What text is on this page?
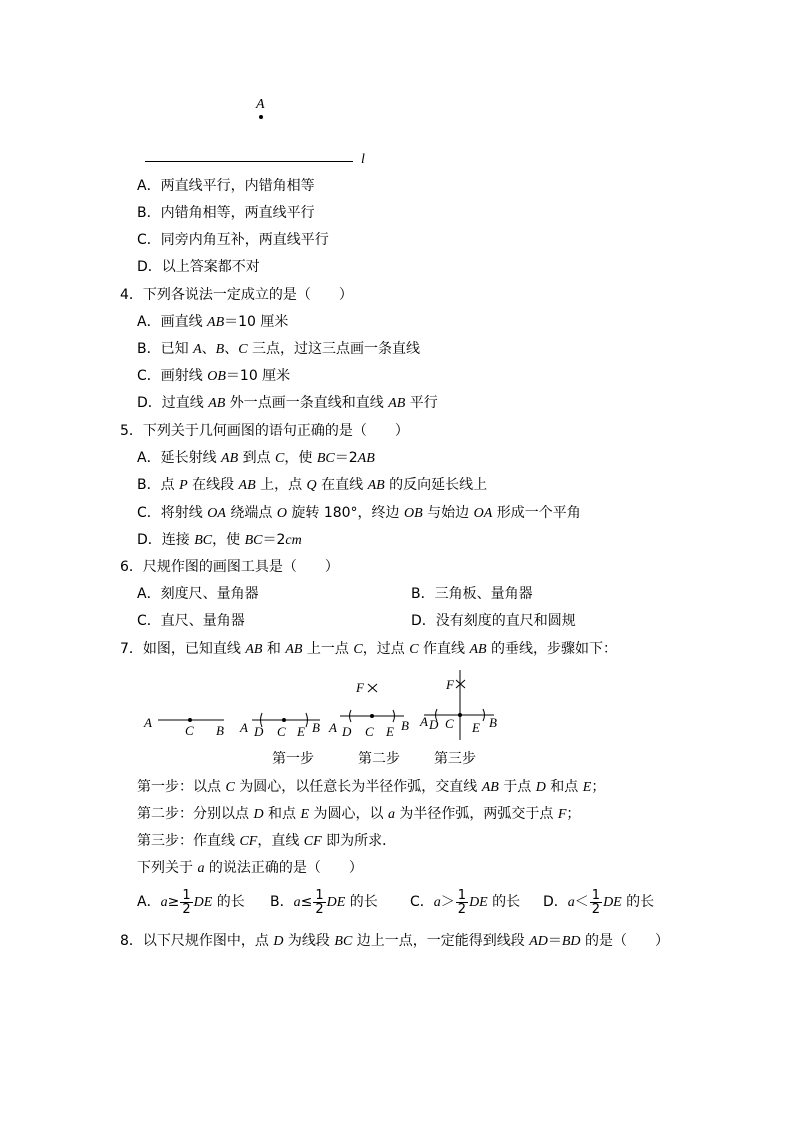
A
l
A．两直线平行，内错角相等
B．内错角相等，两直线平行
C．同旁内角互补，两直线平行
D．以上答案都不对
4．下列各说法一定成立的是（　　）
A．画直线 AB＝10 厘米
B．已知 A、B、C 三点，过这三点画一条直线
C．画射线 OB＝10 厘米
D．过直线 AB 外一点画一条直线和直线 AB 平行
5．下列关于几何画图的语句正确的是（　　）
A．延长射线 AB 到点 C，使 BC＝2AB
B．点 P 在线段 AB 上，点 Q 在直线 AB 的反向延长线上
C．将射线 OA 绕端点 O 旋转 180°，终边 OB 与始边 OA 形成一个平角
D．连接 BC，使 BC＝2cm
6．尺规作图的画图工具是（　　）
A．刻度尺、量角器	B．三角板、量角器
C．直尺、量角器	D．没有刻度的直尺和圆规
7．如图，已知直线 AB 和 AB 上一点 C，过点 C 作直线 AB 的垂线，步骤如下：
A
C B A D C E B
F
A D C E B
F
A D C E B
第一步	第二步 第三步
第一步：以点 C 为圆心，以任意长为半径作弧，交直线 AB 于点 D 和点 E；
第二步：分别以点 D 和点 E 为圆心，以 a 为半径作弧，两弧交于点 F；
第三步：作直线 CF，直线 CF 即为所求．
下列关于 a 的说法正确的是（　　）
A．$a\ge \frac{1}{2}$ DE 的长 B．$a\le \frac{1}{2}$ DE 的长 C．$a> \frac{1}{2}$ DE 的长 D．$a< \frac{1}{2}$ DE 的长
8．以下尺规作图中，点 D 为线段 BC 边上一点，一定能得到线段 AD＝BD 的是（　　）
